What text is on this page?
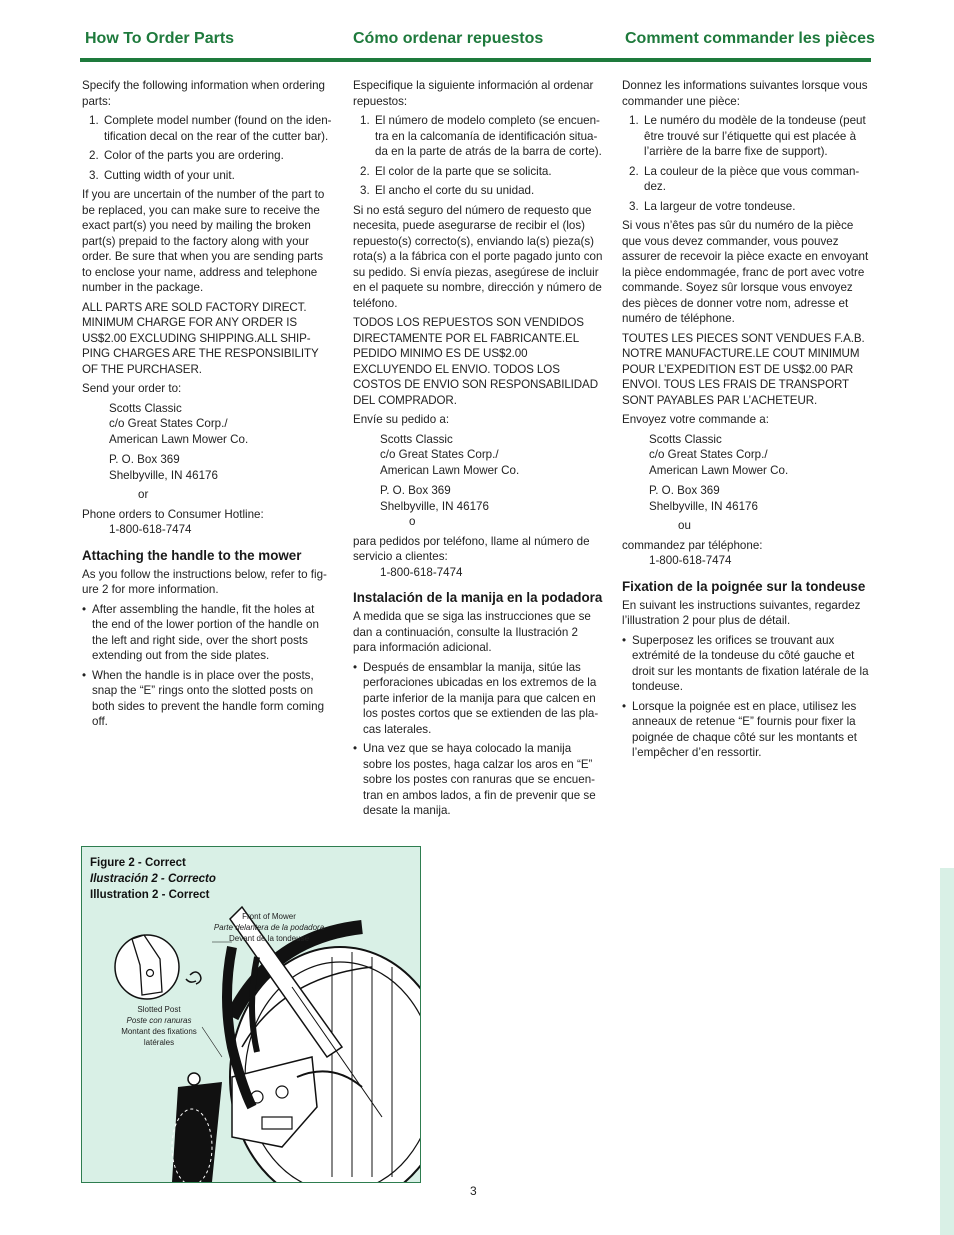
How To Order Parts	Cómo ordenar repuestos	Comment commander les pièces

Specify the following information when ordering parts:

1. Complete model number (found on the iden- tification decal on the rear of the cutter bar).
2. Color of the parts you are ordering.
3. Cutting width of your unit.

If you are uncertain of the number of the part to be replaced, you can make sure to receive the exact part(s) you need by mailing the broken part(s) prepaid to the factory along with your order. Be sure that when you are sending parts to enclose your name, address and telephone number in the package.

ALL PARTS ARE SOLD FACTORY DIRECT. MINIMUM CHARGE FOR ANY ORDER IS US$2.00 EXCLUDING SHIPPING.ALL SHIP- PING CHARGES ARE THE RESPONSIBILITY OF THE PURCHASER.

Send your order to:

Scotts Classic
c/o Great States Corp./
American Lawn Mower Co.
P. O. Box 369
Shelbyville, IN 46176

or

Phone orders to Consumer Hotline:

1-800-618-7474

Attaching the handle to the mower

As you follow the instructions below, refer to fig- ure 2 for more information.

• After assembling the handle, fit the holes at the end of the lower portion of the handle on the left and right side, over the short posts extending out from the side plates.
• When the handle is in place over the posts, snap the “E” rings onto the slotted posts on both sides to prevent the handle form coming off.

Especifique la siguiente información al ordenar repuestos:

1. El número de modelo completo (se encuen- tra en la calcomanía de identificación situa- da en la parte de atrás de la barra de corte).
2. El color de la parte que se solicita.
3. El ancho el corte du su unidad.

Si no está seguro del número de requesto que necesita, puede asegurarse de recibir el (los) repuesto(s) correcto(s), enviando la(s) pieza(s) rota(s) a la fábrica con el porte pagado junto con su pedido. Si envía piezas, asegúrese de incluir en el paquete su nombre, dirección y número de teléfono.

TODOS LOS REPUESTOS SON VENDIDOS DIRECTAMENTE POR EL FABRICANTE.EL PEDIDO MINIMO ES DE US$2.00 EXCLUYENDO EL ENVIO. TODOS LOS COSTOS DE ENVIO SON RESPONSABILIDAD DEL COMPRADOR.

Envíe su pedido a:

Scotts Classic
c/o Great States Corp./
American Lawn Mower Co.
P. O. Box 369
Shelbyville, IN 46176

o

para pedidos por teléfono, llame al número de servicio a clientes:

1-800-618-7474

Instalación de la manija en la podadora

A medida que se siga las instrucciones que se dan a continuación, consulte la Ilustración 2 para información adicional.

• Después de ensamblar la manija, sitúe las perforaciones ubicadas en los extremos de la parte inferior de la manija para que calcen en los postes cortos que se extienden de las pla- cas laterales.
• Una vez que se haya colocado la manija sobre los postes, haga calzar los aros en “E” sobre los postes con ranuras que se encuen- tran en ambos lados, a fin de prevenir que se desate la manija.

Donnez les informations suivantes lorsque vous commander une pièce:

1. Le numéro du modèle de la tondeuse (peut être trouvé sur l’étiquette qui est placée à l’arrière de la barre fixe de support).
2. La couleur de la pièce que vous comman- dez.
3. La largeur de votre tondeuse.

Si vous n’êtes pas sûr du numéro de la pièce que vous devez commander, vous pouvez assurer de recevoir la pièce exacte en envoyant la pièce endommagée, franc de port avec votre commande. Soyez sûr lorsque vous envoyez des pièces de donner votre nom, adresse et numéro de téléphone.

TOUTES LES PIECES SONT VENDUES F.A.B. NOTRE MANUFACTURE.LE COUT MINIMUM POUR L’EXPEDITION EST DE US$2.00 PAR ENVOI. TOUS LES FRAIS DE TRANSPORT SONT PAYABLES PAR L’ACHETEUR.

Envoyez votre commande a:

Scotts Classic
c/o Great States Corp./
American Lawn Mower Co.
P. O. Box 369
Shelbyville, IN 46176

ou

commandez par téléphone:

1-800-618-7474

Fixation de la poignée sur la tondeuse

En suivant les instructions suivantes, regardez l’illustration 2 pour plus de détail.

• Superposez les orifices se trouvant aux extrémité de la tondeuse du côté gauche et droit sur les montants de fixation latérale de la tondeuse.
• Lorsque la poignée est en place, utilisez les anneaux de retenue “E” fournis pour fixer la poignée de chaque côté sur les montants et l’empêcher d’en ressortir.
Figure 2 - Correct
Ilustración 2 - Correcto
Illustration 2 - Correct
Front of Mower
Parte delantera de la podadora
Devant de la tondeuse
Slotted Post
Poste con ranuras
Montant des fixations latérales
3
